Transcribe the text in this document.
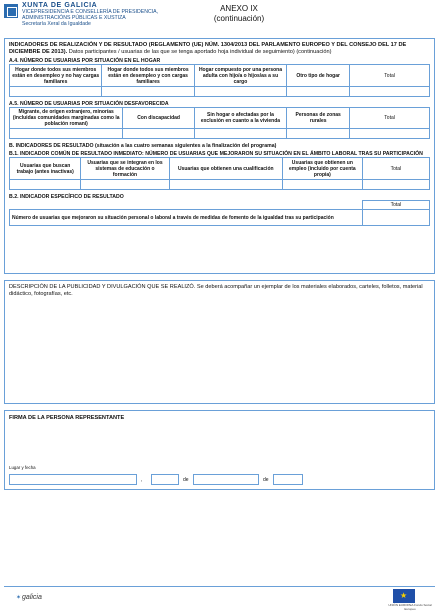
XUNTA DE GALICIA
VICEPRESIDENCIA E CONSELLERÍA DE PRESIDENCIA,
ADMINISTRACIÓNS PÚBLICAS E XUSTIZA
Secretaría Xeral da Igualdade
ANEXO IX
(continuación)
INDICADORES DE REALIZACIÓN Y DE RESULTADO (REGLAMENTO (UE) NÚM. 1304/2013 DEL PARLAMENTO EUROPEO Y DEL CONSEJO DEL 17 DE DICIEMBRE DE 2013). Datos participantes / usuarias de las que se tenga aportado hoja individual de seguimiento) (continuación)
A.4. NÚMERO DE USUARIAS POR SITUACIÓN EN EL HOGAR
Hogar donde todos sus miembros están en desempleo y no hay cargas familiares	Hogar donde todos sus miembros están en desempleo y con cargas familiares	Hogar compuesto por una persona adulta con hijo/a o hijos/as a su cargo	Otro tipo de hogar	Total

A.5. NÚMERO DE USUARIAS POR SITUACIÓN DESFAVORECIDA
Migrante, de origen extranjero, minorías (incluidas comunidades marginadas como la población romaní)	Con discapacidad	Sin hogar o afectadas por la exclusión en cuanto a la vivienda	Personas de zonas rurales	Total

B. INDICADORES DE RESULTADO (situación a las cuatro semanas siguientes a la finalización del programa)
B.1. INDICADOR COMÚN DE RESULTADO INMEDIATO: NÚMERO DE USUARIAS QUE MEJORARON SU SITUACIÓN EN EL ÁMBITO LABORAL TRAS SU PARTICIPACIÓN
Usuarias que buscan trabajo (antes inactivas)	Usuarias que se integran en los sistemas de educación o formación	Usuarias que obtienen una cualificación	Usuarias que obtienen un empleo (incluido por cuenta propia)	Total

B.2. INDICADOR ESPECÍFICO DE RESULTADO
	Total
Número de usuarias que mejoraron su situación personal o laboral a través de medidas de fomento de la igualdad tras su participación	
DESCRIPCIÓN DE LA PUBLICIDAD Y DIVULGACIÓN QUE SE REALIZÓ. Se deberá acompañar un ejemplar de los materiales elaborados, carteles, folletos, material didáctico, fotografías, etc.
FIRMA DE LA PERSONA REPRESENTANTE
Lugar y fecha
,	de	de
✶ galicia
★
UNIÓN EUROPEA Fondo Social Europeo
